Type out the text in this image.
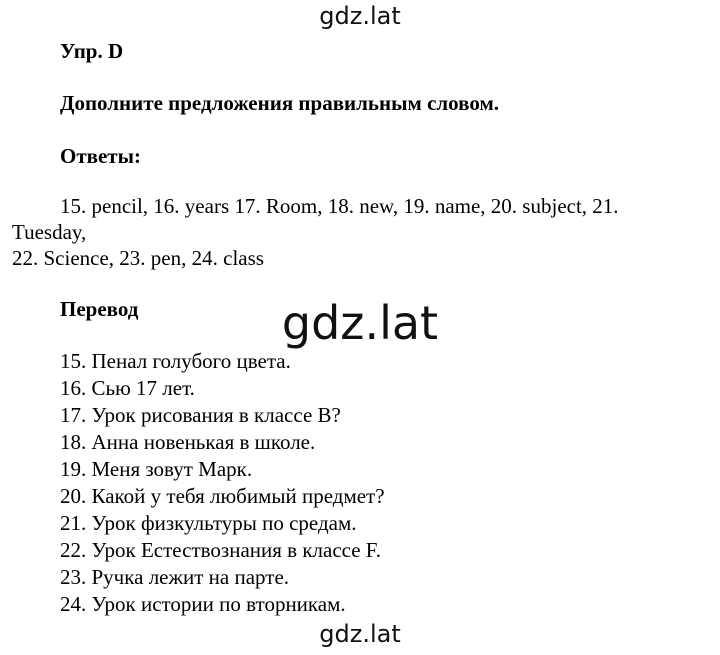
gdz.lat
Упр. D
Дополните предложения правильным словом.
Ответы:
15. pencil, 16. years 17. Room, 18. new, 19. name, 20. subject, 21.
Tuesday,
22. Science, 23. pen, 24. class
Перевод	gdz.lat
15. Пенал голубого цвета.
16. Сью 17 лет.
17. Урок рисования в классе B?
18. Анна новенькая в школе.
19. Меня зовут Марк.
20. Какой у тебя любимый предмет?
21. Урок физкультуры по средам.
22. Урок Естествознания в классе F.
23. Ручка лежит на парте.
24. Урок истории по вторникам.
gdz.lat
